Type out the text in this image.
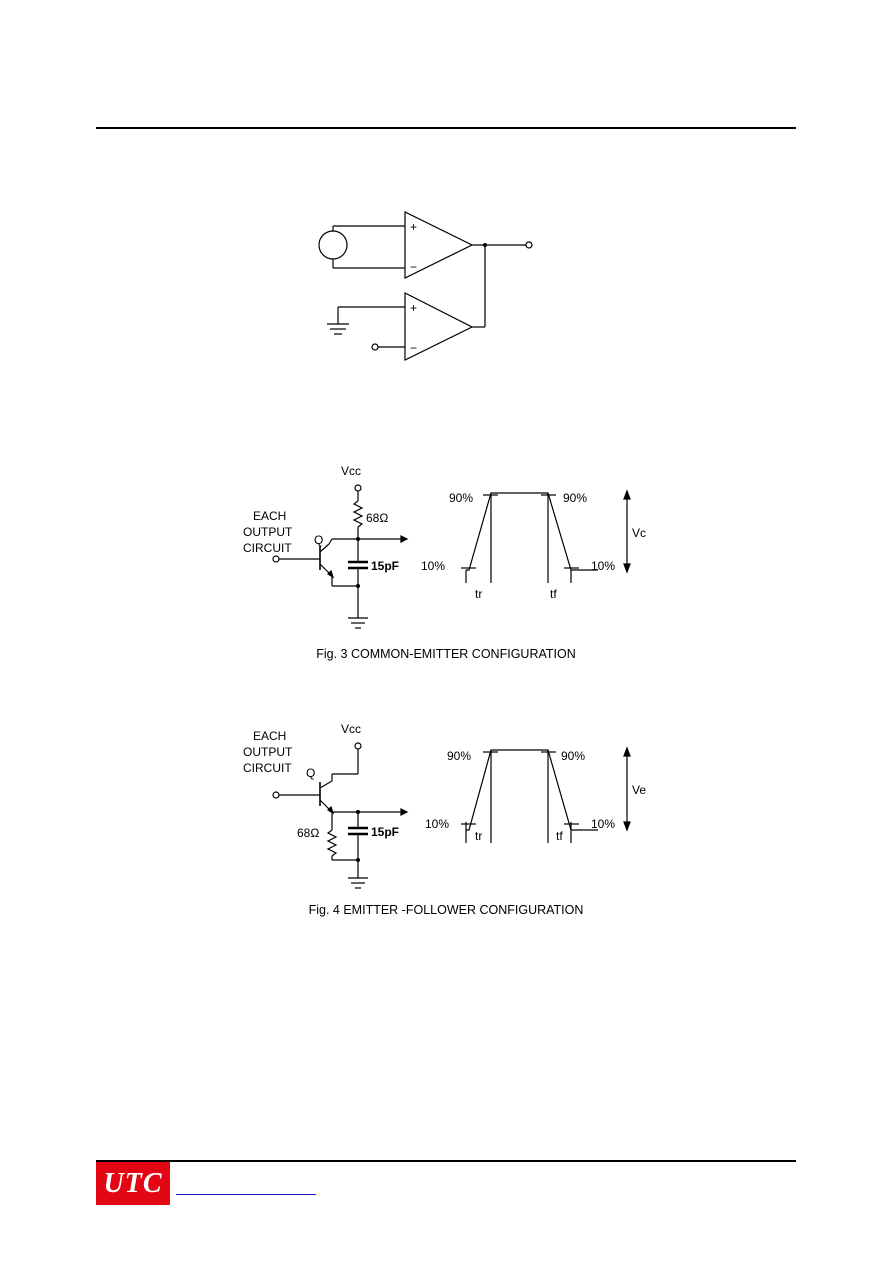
+
−
+
−
Vcc
EACH
OUTPUT
CIRCUIT
Q
68Ω
15pF
90%	90%
10%	10%
tr	tf
Vc
Fig. 3 COMMON-EMITTER CONFIGURATION
Vcc
EACH
OUTPUT
CIRCUIT Q
68Ω	15pF
90%	90%
10%	10%
tr	tf
Ve
Fig. 4 EMITTER -FOLLOWER CONFIGURATION
UTC
